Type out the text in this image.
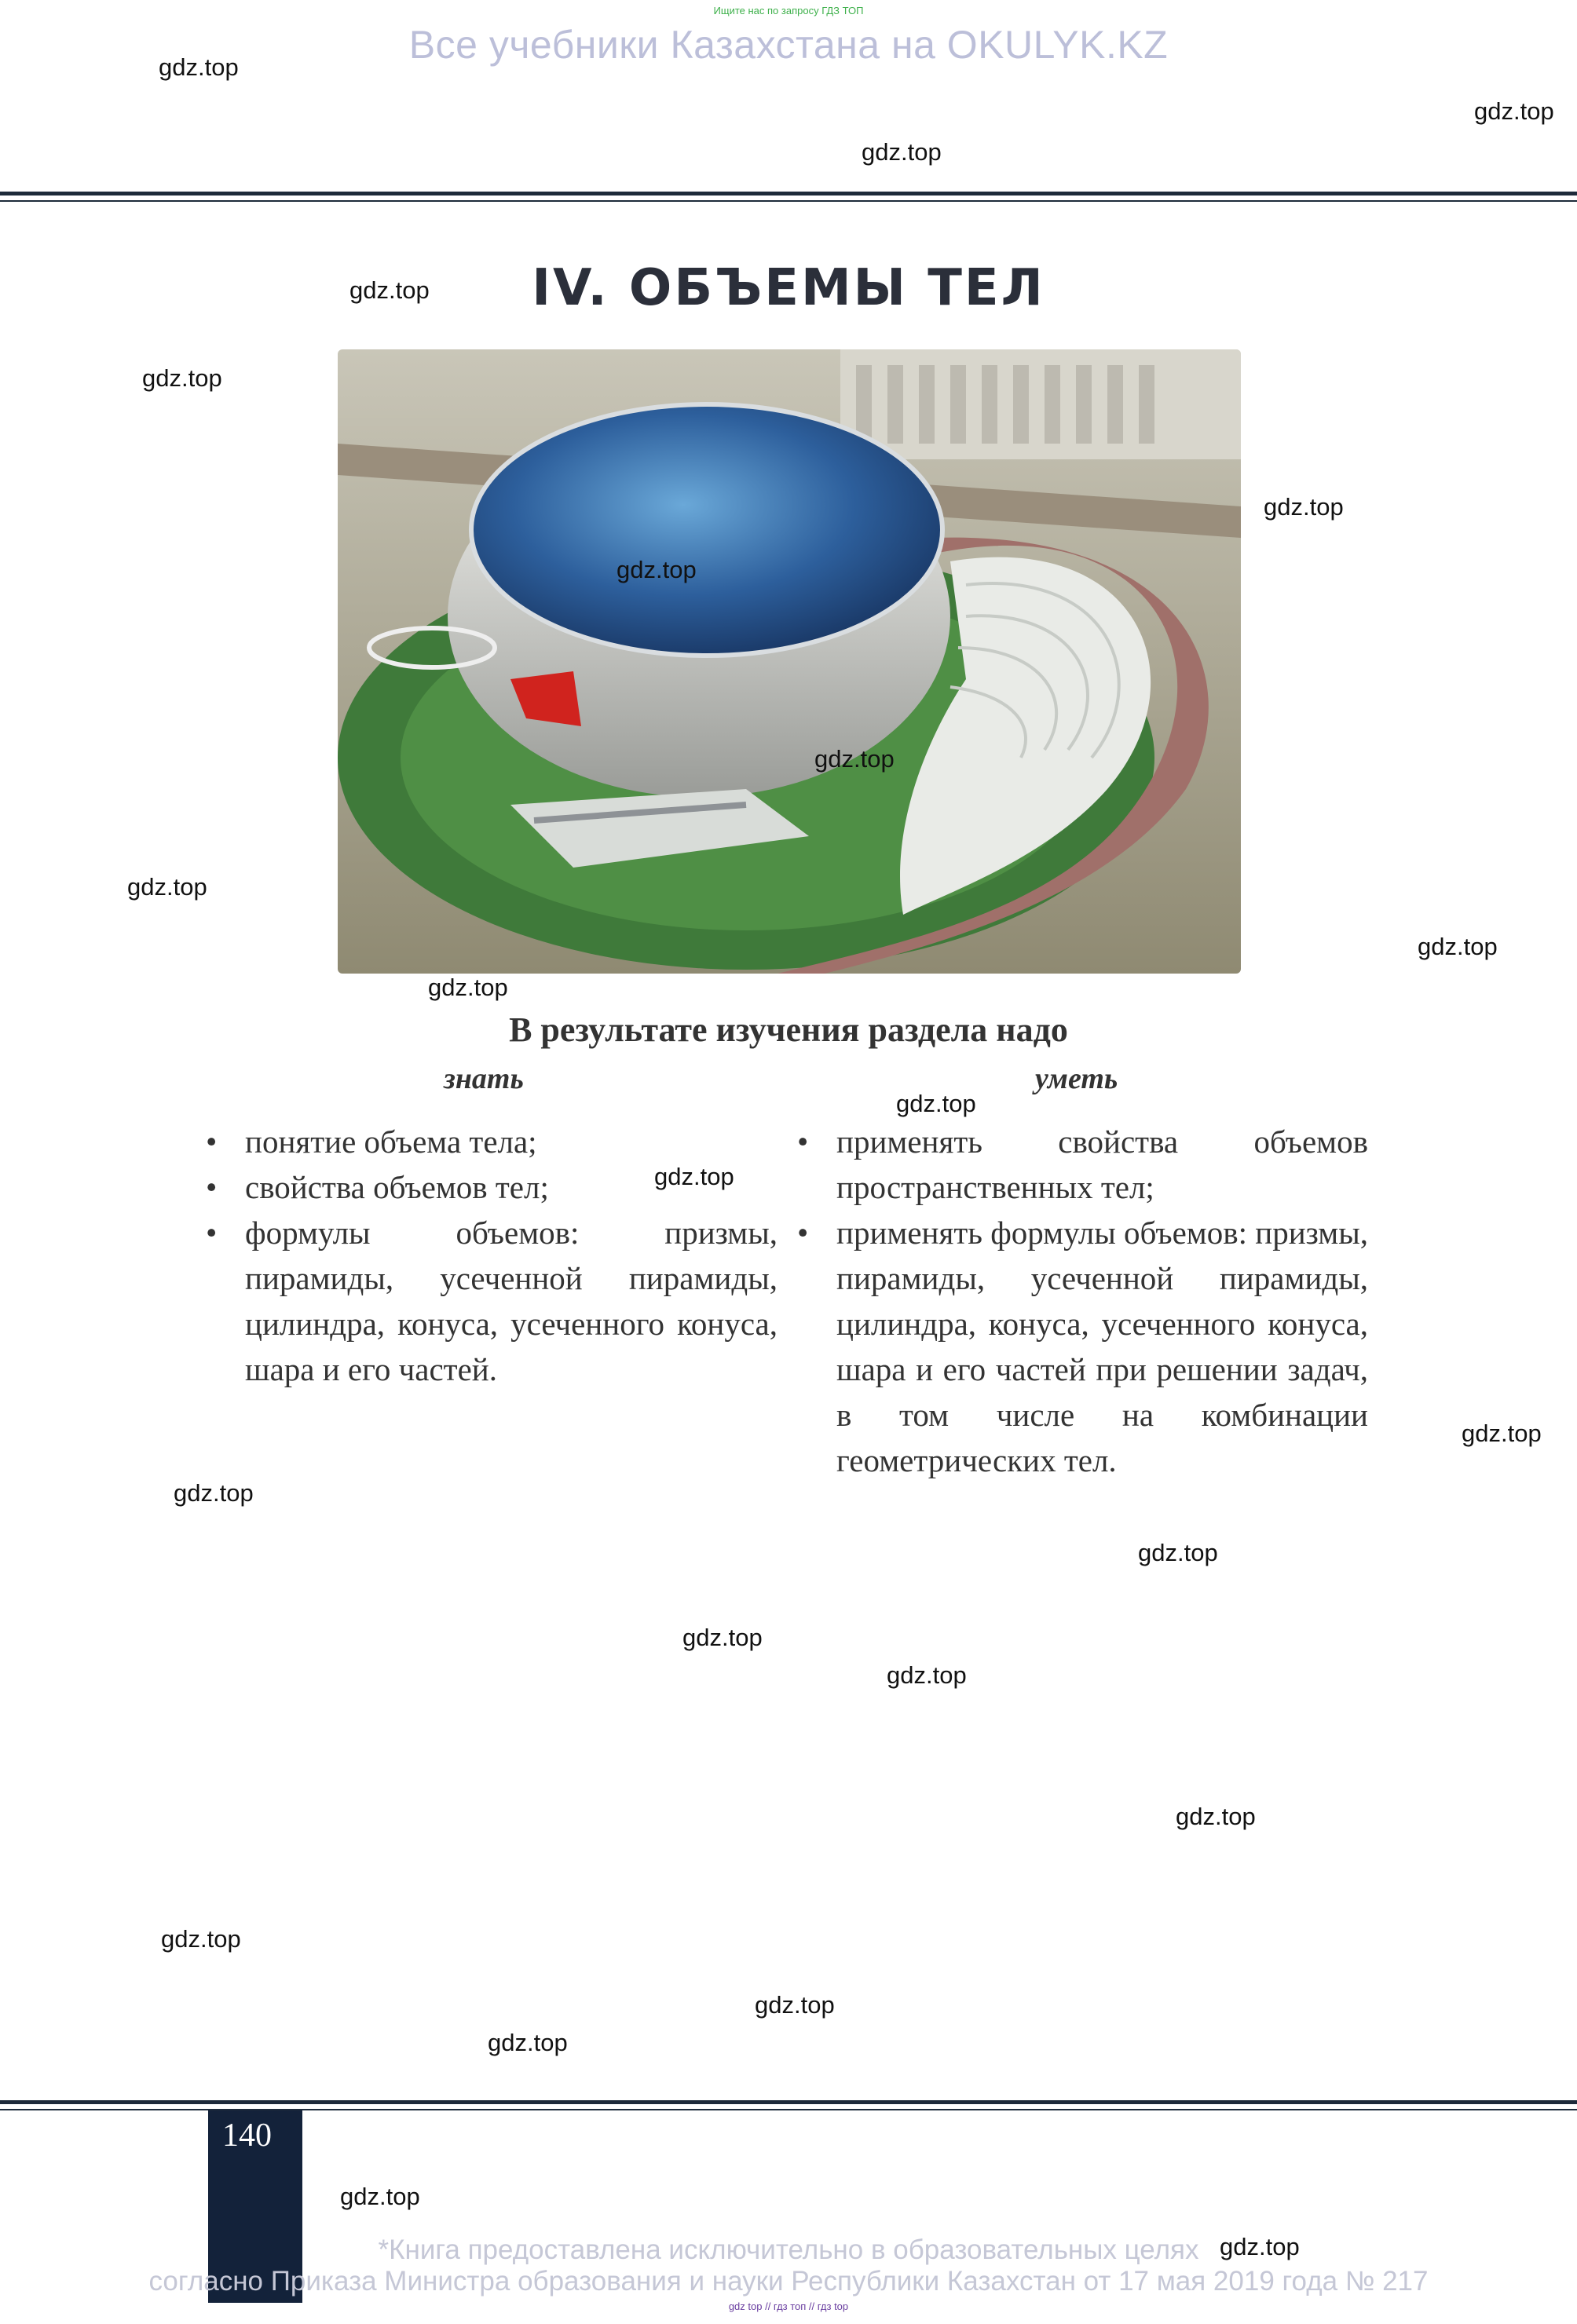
Ищите нас по запросу ГДЗ ТОП
Все учебники Казахстана на OKULYK.KZ
IV. ОБЪЕМЫ ТЕЛ
В результате изучения раздела надо
знать	уметь
• понятие объема тела;
• свойства объемов тел;
• формулы объемов: призмы, пирамиды, усеченной пирамиды, цилиндра, конуса, усеченного конуса, шара и его частей.
• применять свойства объемов пространственных тел;
• применять формулы объемов: призмы, пирамиды, усеченной пирамиды, цилиндра, конуса, усеченного конуса, шара и его частей при решении задач, в том числе на комбинации геометрических тел.
140
*Книга предоставлена исключительно в образовательных целях
согласно Приказа Министра образования и науки Республики Казахстан от 17 мая 2019 года № 217
gdz top // гдз топ // гдз top
gdz.top
gdz.top
gdz.top
gdz.top
gdz.top
gdz.top
gdz.top
gdz.top
gdz.top
gdz.top
gdz.top
gdz.top
gdz.top
gdz.top
gdz.top
gdz.top
gdz.top
gdz.top
gdz.top
gdz.top
gdz.top
gdz.top
gdz.top
gdz.top
